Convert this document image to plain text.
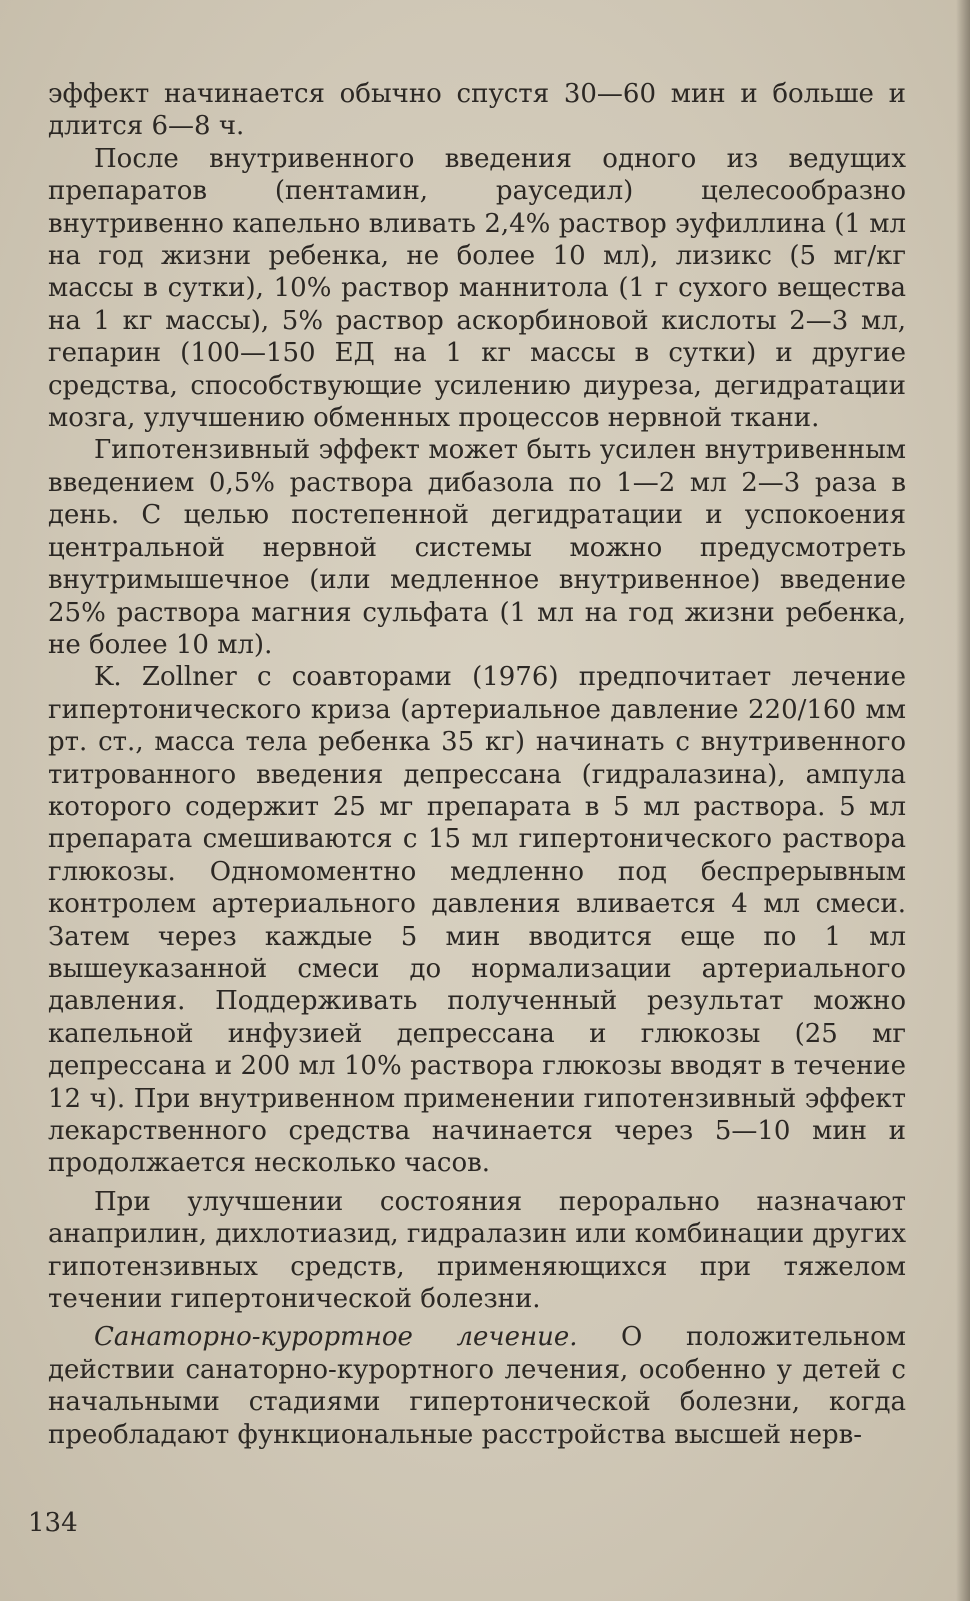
эффект начинается обычно спустя 30—60 мин и больше и длится 6—8 ч.

После внутривенного введения одного из ведущих препаратов (пентамин, рауседил) целесообразно внутривенно капельно вливать 2,4% раствор эуфиллина (1 мл на год жизни ребенка, не более 10 мл), лизикс (5 мг/кг массы в сутки), 10% раствор маннитола (1 г сухого вещества на 1 кг массы), 5% раствор аскорбиновой кислоты 2—3 мл, гепарин (100—150 ЕД на 1 кг массы в сутки) и другие средства, способствующие усилению диуреза, дегидратации мозга, улучшению обменных процессов нервной ткани.

Гипотензивный эффект может быть усилен внутривенным введением 0,5% раствора дибазола по 1—2 мл 2—3 раза в день. С целью постепенной дегидратации и успокоения центральной нервной системы можно предусмотреть внутримышечное (или медленное внутривенное) введение 25% раствора магния сульфата (1 мл на год жизни ребенка, не более 10 мл).

K. Zollner с соавторами (1976) предпочитает лечение гипертонического криза (артериальное давление 220/160 мм рт. ст., масса тела ребенка 35 кг) начинать с внутривенного титрованного введения депрессана (гидралазина), ампула которого содержит 25 мг препарата в 5 мл раствора. 5 мл препарата смешиваются с 15 мл гипертонического раствора глюкозы. Одномоментно медленно под беспрерывным контролем артериального давления вливается 4 мл смеси. Затем через каждые 5 мин вводится еще по 1 мл вышеуказанной смеси до нормализации артериального давления. Поддерживать полученный результат можно капельной инфузией депрессана и глюкозы (25 мг депрессана и 200 мл 10% раствора глюкозы вводят в течение 12 ч). При внутривенном применении гипотензивный эффект лекарственного средства начинается через 5—10 мин и продолжается несколько часов.

При улучшении состояния перорально назначают анаприлин, дихлотиазид, гидралазин или комбинации других гипотензивных средств, применяющихся при тяжелом течении гипертонической болезни.

Санаторно-курортное лечение. О положительном действии санаторно-курортного лечения, особенно у детей с начальными стадиями гипертонической болезни, когда преобладают функциональные расстройства высшей нерв-

134
